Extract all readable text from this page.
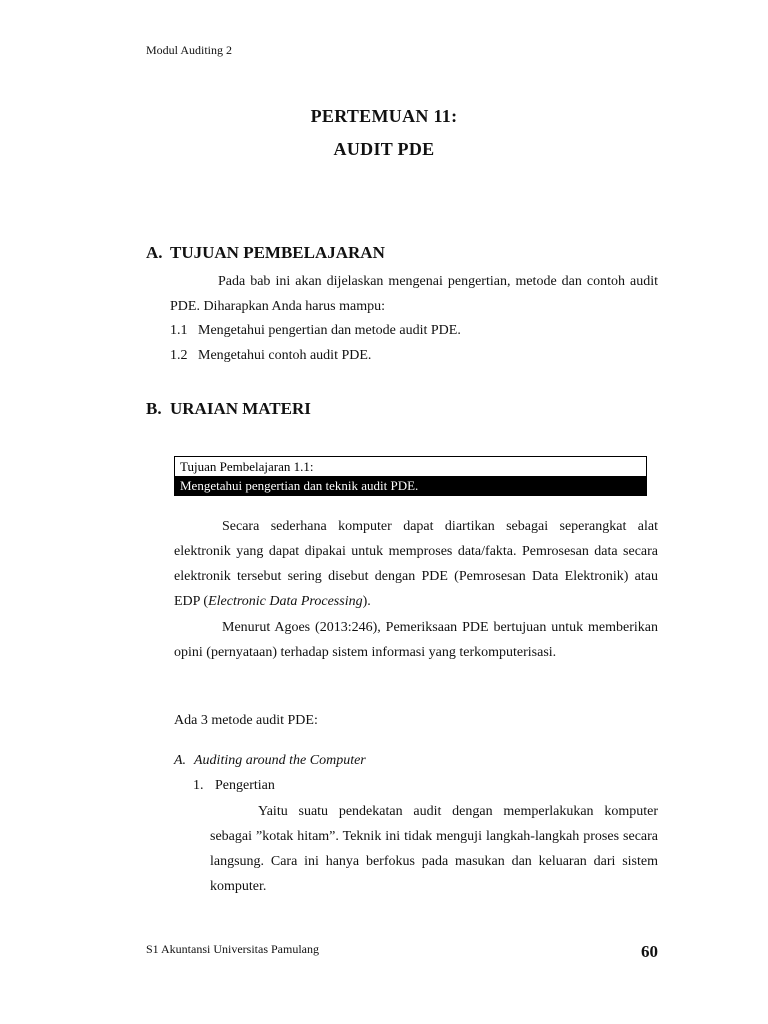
Modul Auditing 2
PERTEMUAN 11:
AUDIT PDE
A. TUJUAN PEMBELAJARAN
Pada bab ini akan dijelaskan mengenai pengertian, metode dan contoh audit PDE. Diharapkan Anda harus mampu:
1.1 Mengetahui pengertian dan metode audit PDE.
1.2 Mengetahui contoh audit PDE.
B. URAIAN MATERI
Tujuan Pembelajaran 1.1:
Mengetahui pengertian dan teknik audit PDE.
Secara sederhana komputer dapat diartikan sebagai seperangkat alat elektronik yang dapat dipakai untuk memproses data/fakta. Pemrosesan data secara elektronik tersebut sering disebut dengan PDE (Pemrosesan Data Elektronik) atau EDP (Electronic Data Processing).
Menurut Agoes (2013:246), Pemeriksaan PDE bertujuan untuk memberikan opini (pernyataan) terhadap sistem informasi yang terkomputerisasi.
Ada 3 metode audit PDE:
A. Auditing around the Computer
1. Pengertian
Yaitu suatu pendekatan audit dengan memperlakukan komputer sebagai ”kotak hitam”. Teknik ini tidak menguji langkah-langkah proses secara langsung. Cara ini hanya berfokus pada masukan dan keluaran dari sistem komputer.
S1 Akuntansi Universitas Pamulang	60
